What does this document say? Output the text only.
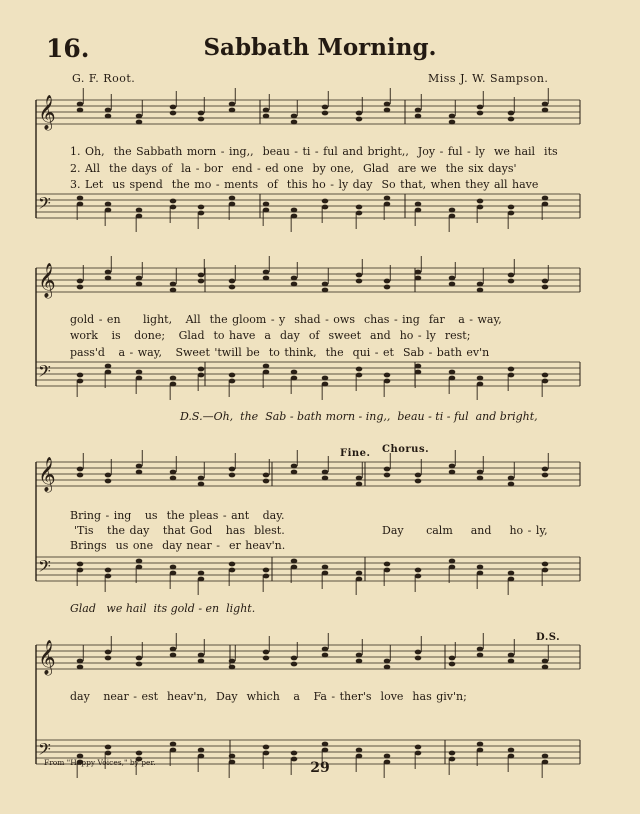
16.	Sabbath Morning.
G. F. Root.	Miss J. W. Sampson.
𝄞
𝄢
𝄞
𝄢
𝄞
𝄢
𝄞
𝄢
1. Oh, the Sabbath morn - ing,,  beau - ti - ful and bright,,  Joy - ful - ly we hail its
2. All the days of la - bor end - ed one by one, Glad are we the six days'
3. Let us spend the mo - ments of this ho - ly day So that, when they all have
gold - en light, All the gloom - y shad - ows chas - ing far a - way,
work is done; Glad to have a day of sweet and ho - ly rest;
pass'd a - way, Sweet 'twill be to think, the qui - et Sab - bath ev'n
D.S.—Oh, the Sab - bath morn - ing,,  beau - ti - ful and bright,
Fine. Chorus.
Bring - ing us the pleas - ant day.
'Tis the day that God has blest.
Brings us one day near - er heav'n.
Day calm and ho - ly,
Glad we hail its gold - en light.
D.S.
day near - est heav'n, Day which a Fa - ther's love has giv'n;
From "Happy Voices," by per.	29
